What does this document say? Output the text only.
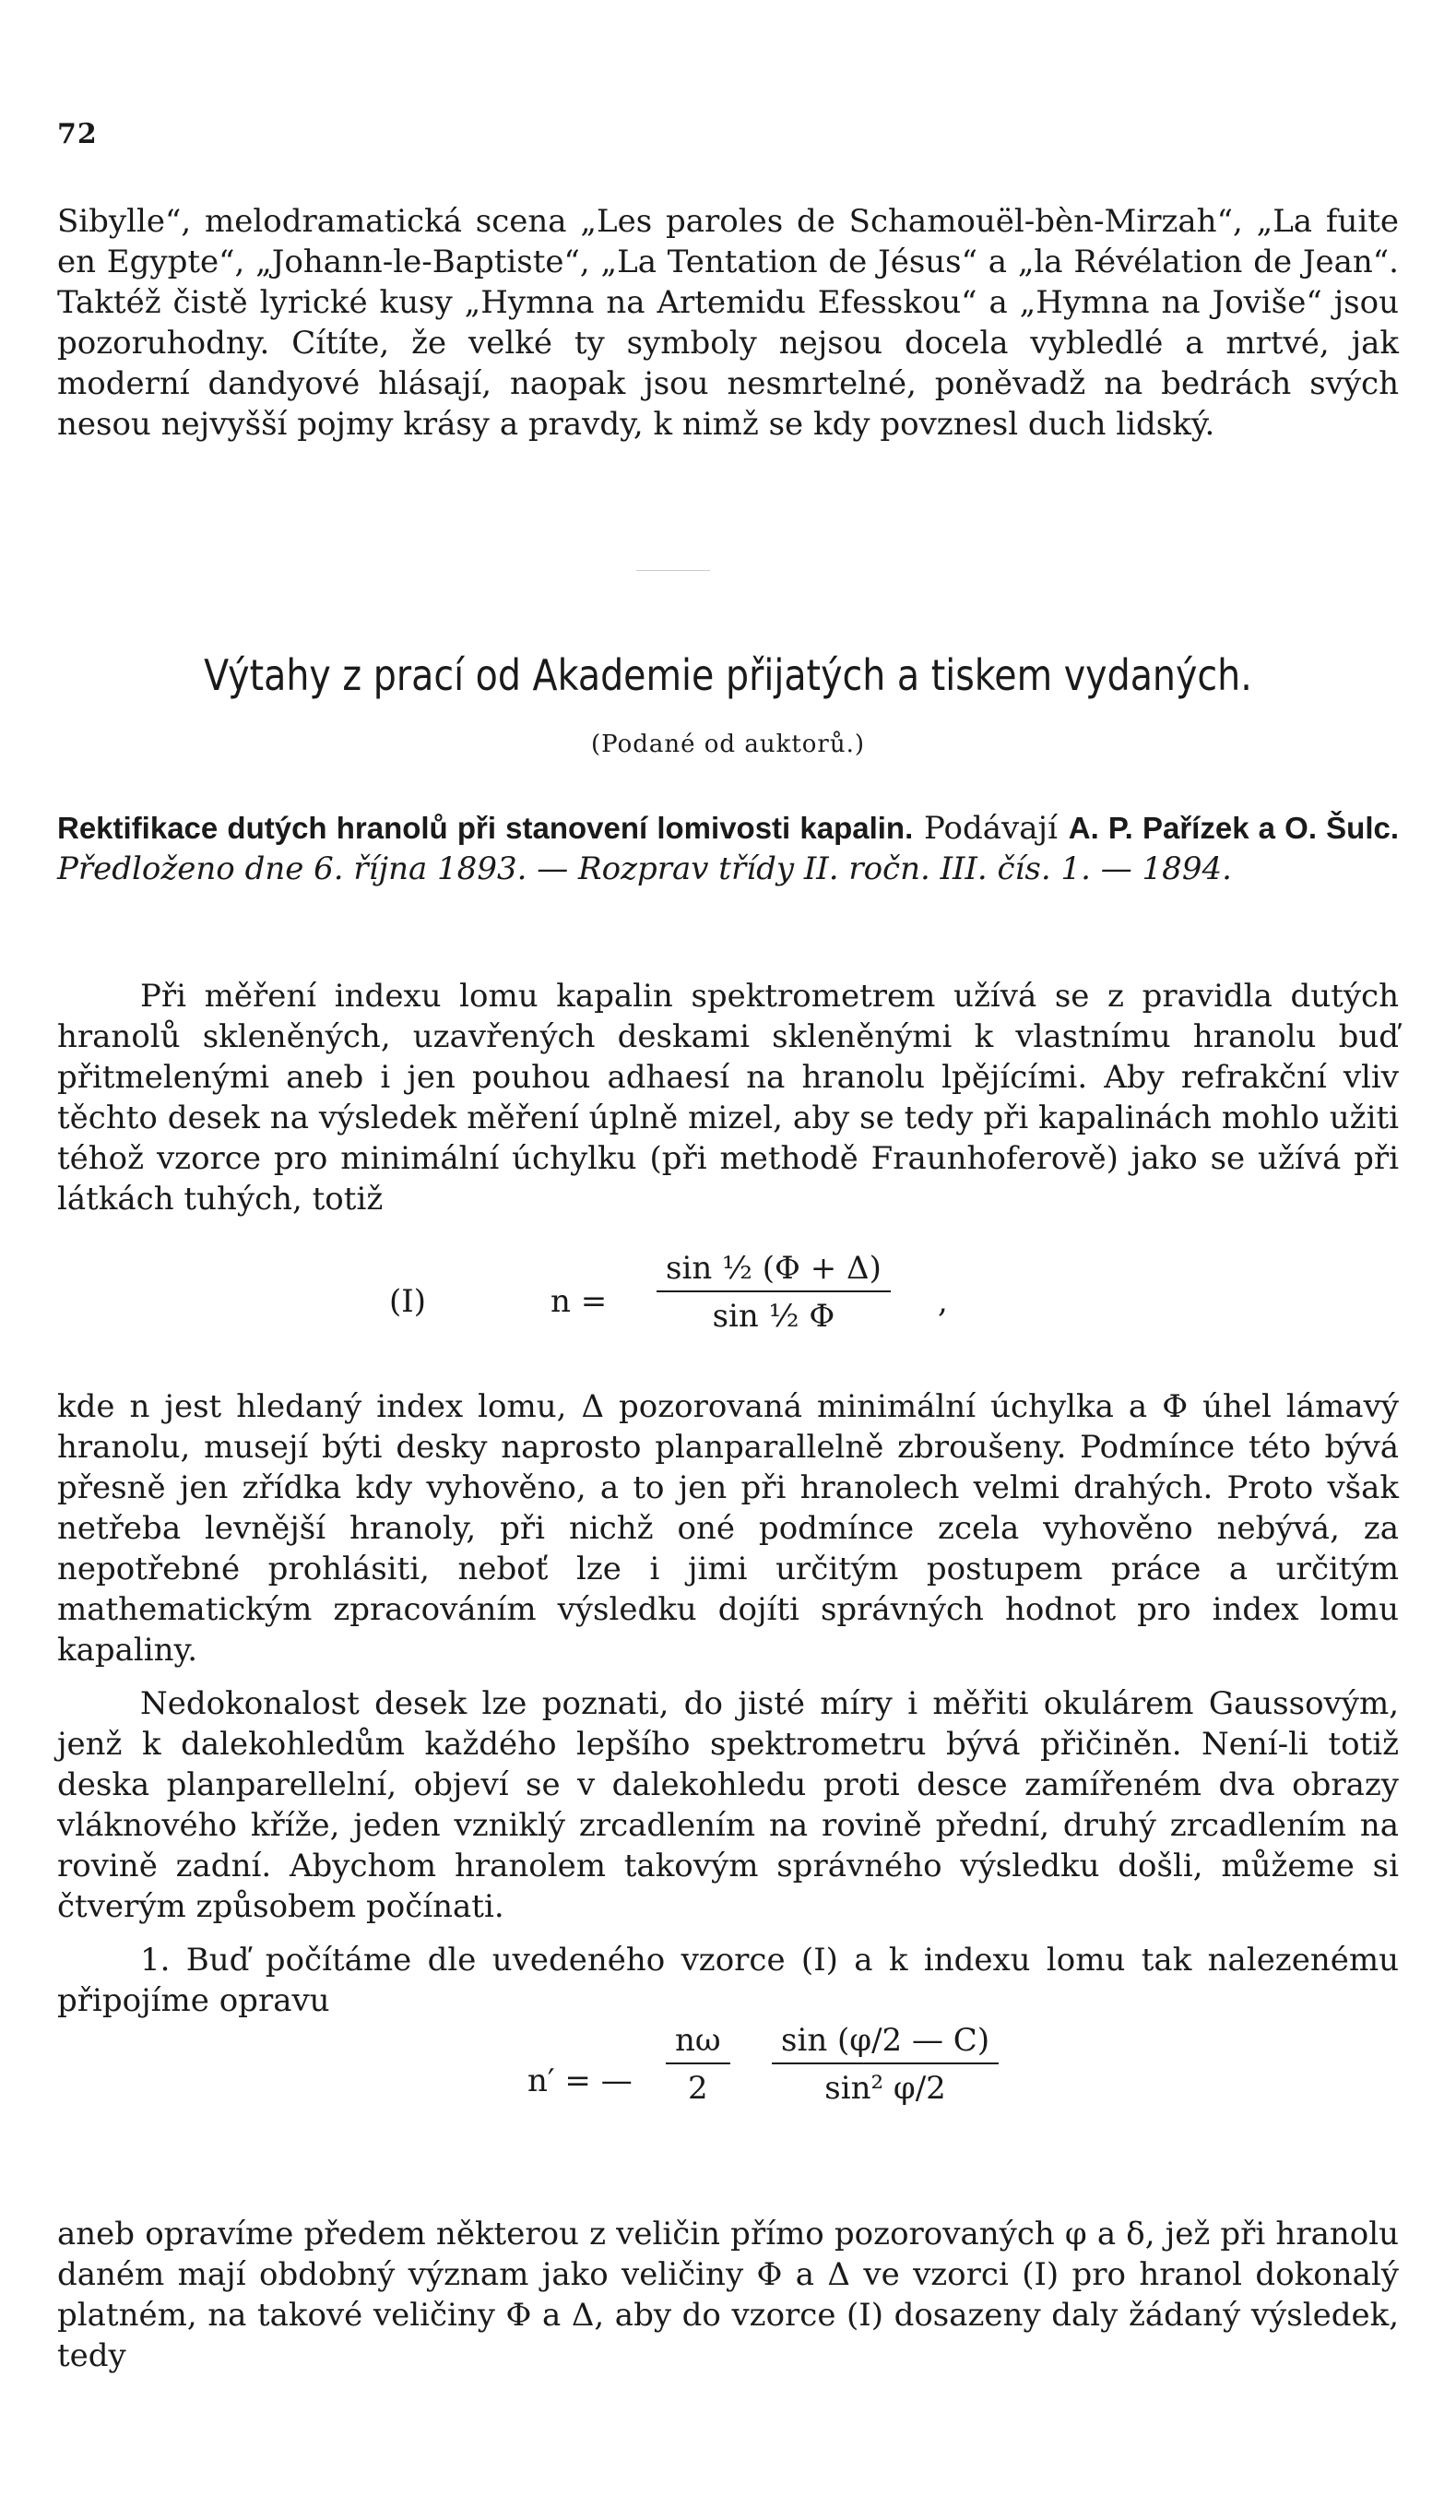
72

Sibylle“, melodramatická scena „Les paroles de Schamouël-bèn-Mirzah“, „La fuite en Egypte“, „Johann-le-Baptiste“, „La Tentation de Jésus“ a „la Révélation de Jean“. Taktéž čistě lyrické kusy „Hymna na Artemidu Efesskou“ a „Hymna na Joviše“ jsou pozoruhodny. Cítíte, že velké ty symboly nejsou docela vybledlé a mrtvé, jak moderní dandyové hlásají, naopak jsou nesmrtelné, poněvadž na bedrách svých nesou nejvyšší pojmy krásy a pravdy, k nimž se kdy povznesl duch lidský.

Výtahy z prací od Akademie přijatých a tiskem vydaných.
(Podané od auktorů.)

Rektifikace dutých hranolů při stanovení lomivosti kapalin. Podávají A. P. Pařízek a O. Šulc. Předloženo dne 6. října 1893. — Rozprav třídy II. ročn. III. čís. 1. — 1894.

Při měření indexu lomu kapalin spektrometrem užívá se z pravidla dutých hranolů skleněných, uzavřených deskami skleněnými k vlastnímu hranolu buď přitmelenými aneb i jen pouhou adhaesí na hranolu lpějícími. Aby refrakční vliv těchto desek na výsledek měření úplně mizel, aby se tedy při kapalinách mohlo užiti téhož vzorce pro minimální úchylku (při methodě Fraunhoferově) jako se užívá při látkách tuhých, totiž

(I)	$n = \frac{\text{sin ½ (Φ + Δ)}}{\text{sin ½ Φ}}$ ,

kde n jest hledaný index lomu, Δ pozorovaná minimální úchylka a Φ úhel lámavý hranolu, musejí býti desky naprosto planparallelně zbroušeny. Podmínce této bývá přesně jen zřídka kdy vyhověno, a to jen při hranolech velmi drahých. Proto však netřeba levnější hranoly, při nichž oné podmínce zcela vyhověno nebývá, za nepotřebné prohlásiti, neboť lze i jimi určitým postupem práce a určitým mathematickým zpracováním výsledku dojíti správných hodnot pro index lomu kapaliny.

Nedokonalost desek lze poznati, do jisté míry i měřiti okulárem Gaussovým, jenž k dalekohledům každého lepšího spektrometru bývá přičiněn. Není-li totiž deska planparellelní, objeví se v dalekohledu proti desce zamířeném dva obrazy vláknového kříže, jeden vzniklý zrcadlením na rovině přední, druhý zrcadlením na rovině zadní. Abychom hranolem takovým správného výsledku došli, můžeme si čtverým způsobem počínati.

1. Buď počítáme dle uvedeného vzorce (I) a k indexu lomu tak nalezenému připojíme opravu

n′ = — $\frac{n\omega}{2} \frac{\sin (\varphi/2 — C)}{\text{sin² φ/2}}$

aneb opravíme předem některou z veličin přímo pozorovaných φ a δ, jež při hranolu daném mají obdobný význam jako veličiny Φ a Δ ve vzorci (I) pro hranol dokonalý platném, na takové veličiny Φ a Δ, aby do vzorce (I) dosazeny daly žádaný výsledek, tedy
